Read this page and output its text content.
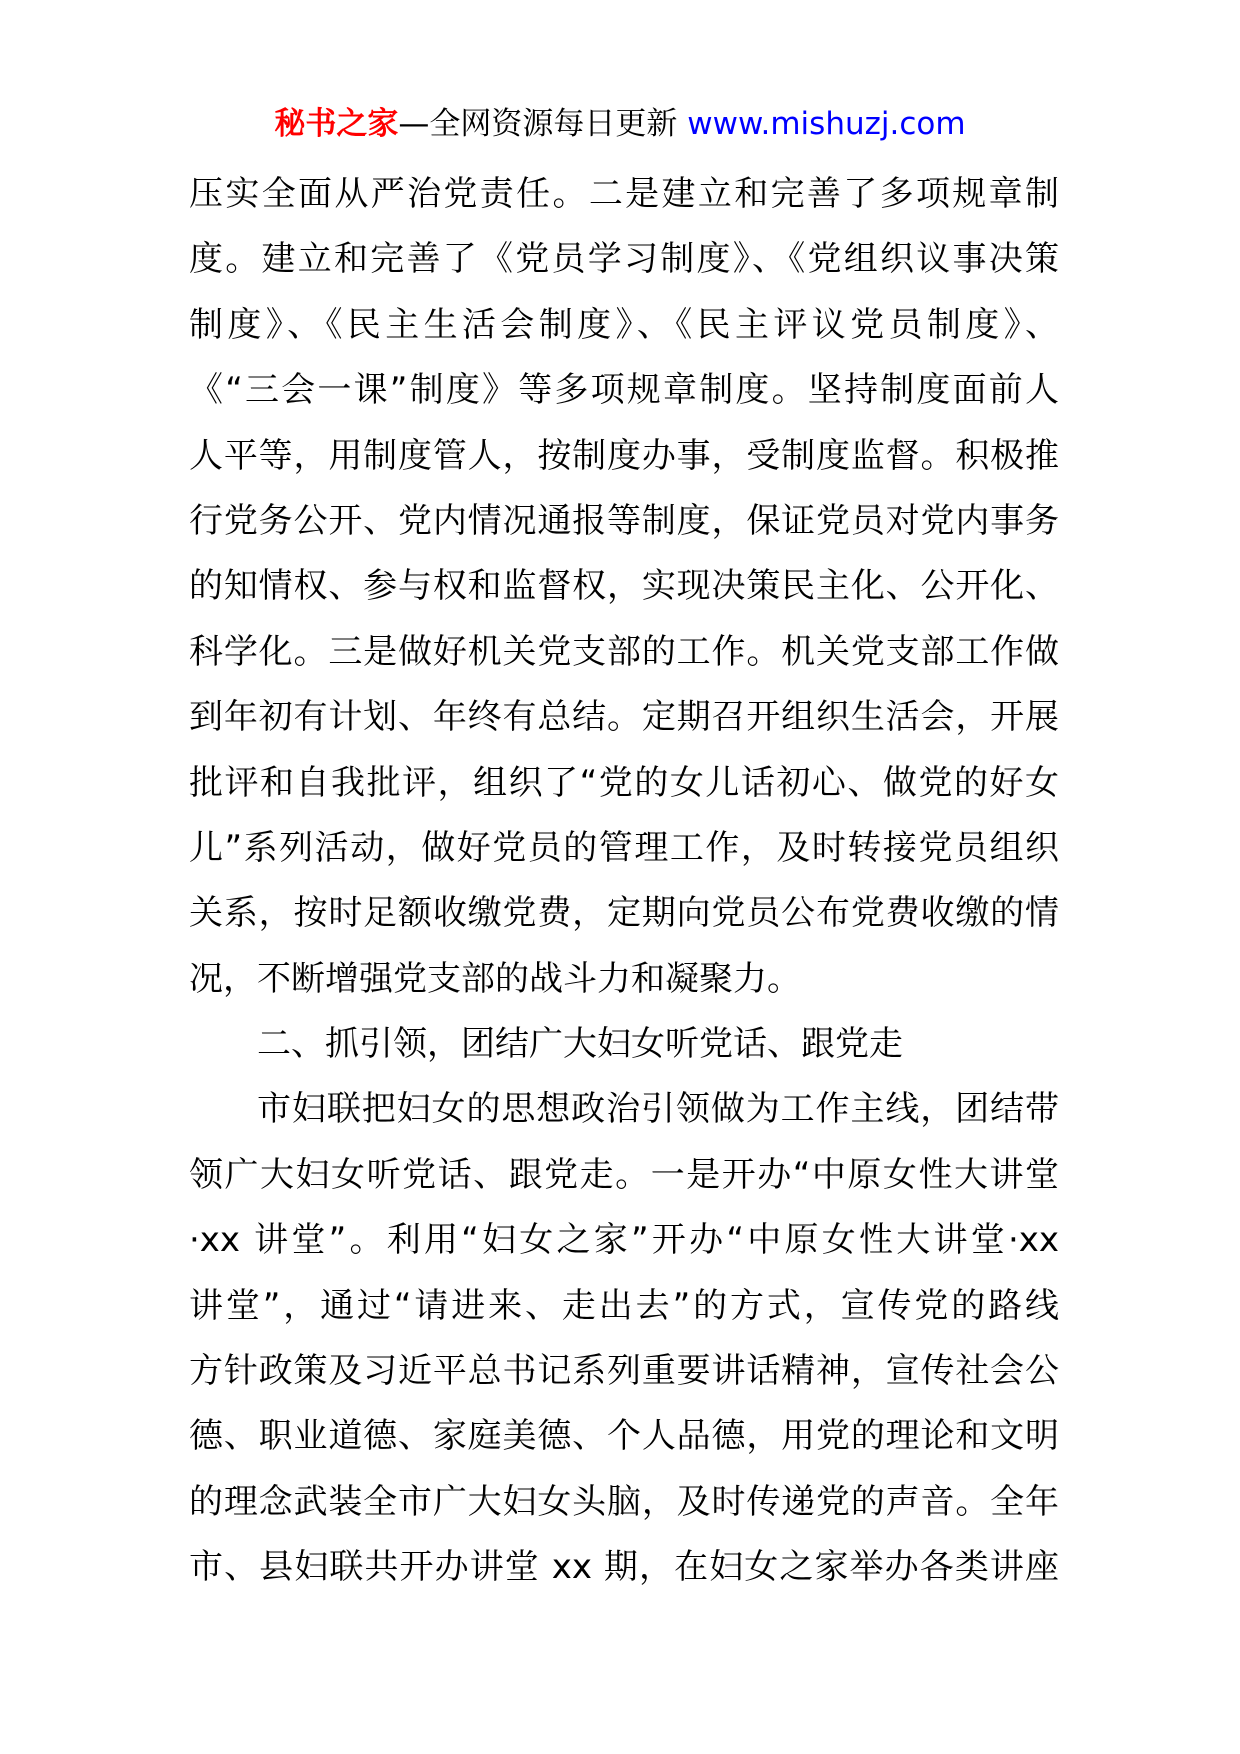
秘书之家—全网资源每日更新 www.mishuzj.com
压实全面从严治党责任。二是建立和完善了多项规章制
度。建立和完善了《党员学习制度》、《党组织议事决策
制度》、《民主生活会制度》、《民主评议党员制度》、
《“三会一课”制度》等多项规章制度。坚持制度面前人
人平等，用制度管人，按制度办事，受制度监督。积极推
行党务公开、党内情况通报等制度，保证党员对党内事务
的知情权、参与权和监督权，实现决策民主化、公开化、
科学化。三是做好机关党支部的工作。机关党支部工作做
到年初有计划、年终有总结。定期召开组织生活会，开展
批评和自我批评，组织了“党的女儿话初心、做党的好女
儿”系列活动，做好党员的管理工作，及时转接党员组织
关系，按时足额收缴党费，定期向党员公布党费收缴的情
况，不断增强党支部的战斗力和凝聚力。
二、抓引领，团结广大妇女听党话、跟党走
市妇联把妇女的思想政治引领做为工作主线，团结带
领广大妇女听党话、跟党走。一是开办“中原女性大讲堂
·xx 讲堂”。利用“妇女之家”开办“中原女性大讲堂·xx
讲堂”，通过“请进来、走出去”的方式，宣传党的路线
方针政策及习近平总书记系列重要讲话精神，宣传社会公
德、职业道德、家庭美德、个人品德，用党的理论和文明
的理念武装全市广大妇女头脑，及时传递党的声音。全年
市、县妇联共开办讲堂 xx 期，在妇女之家举办各类讲座
